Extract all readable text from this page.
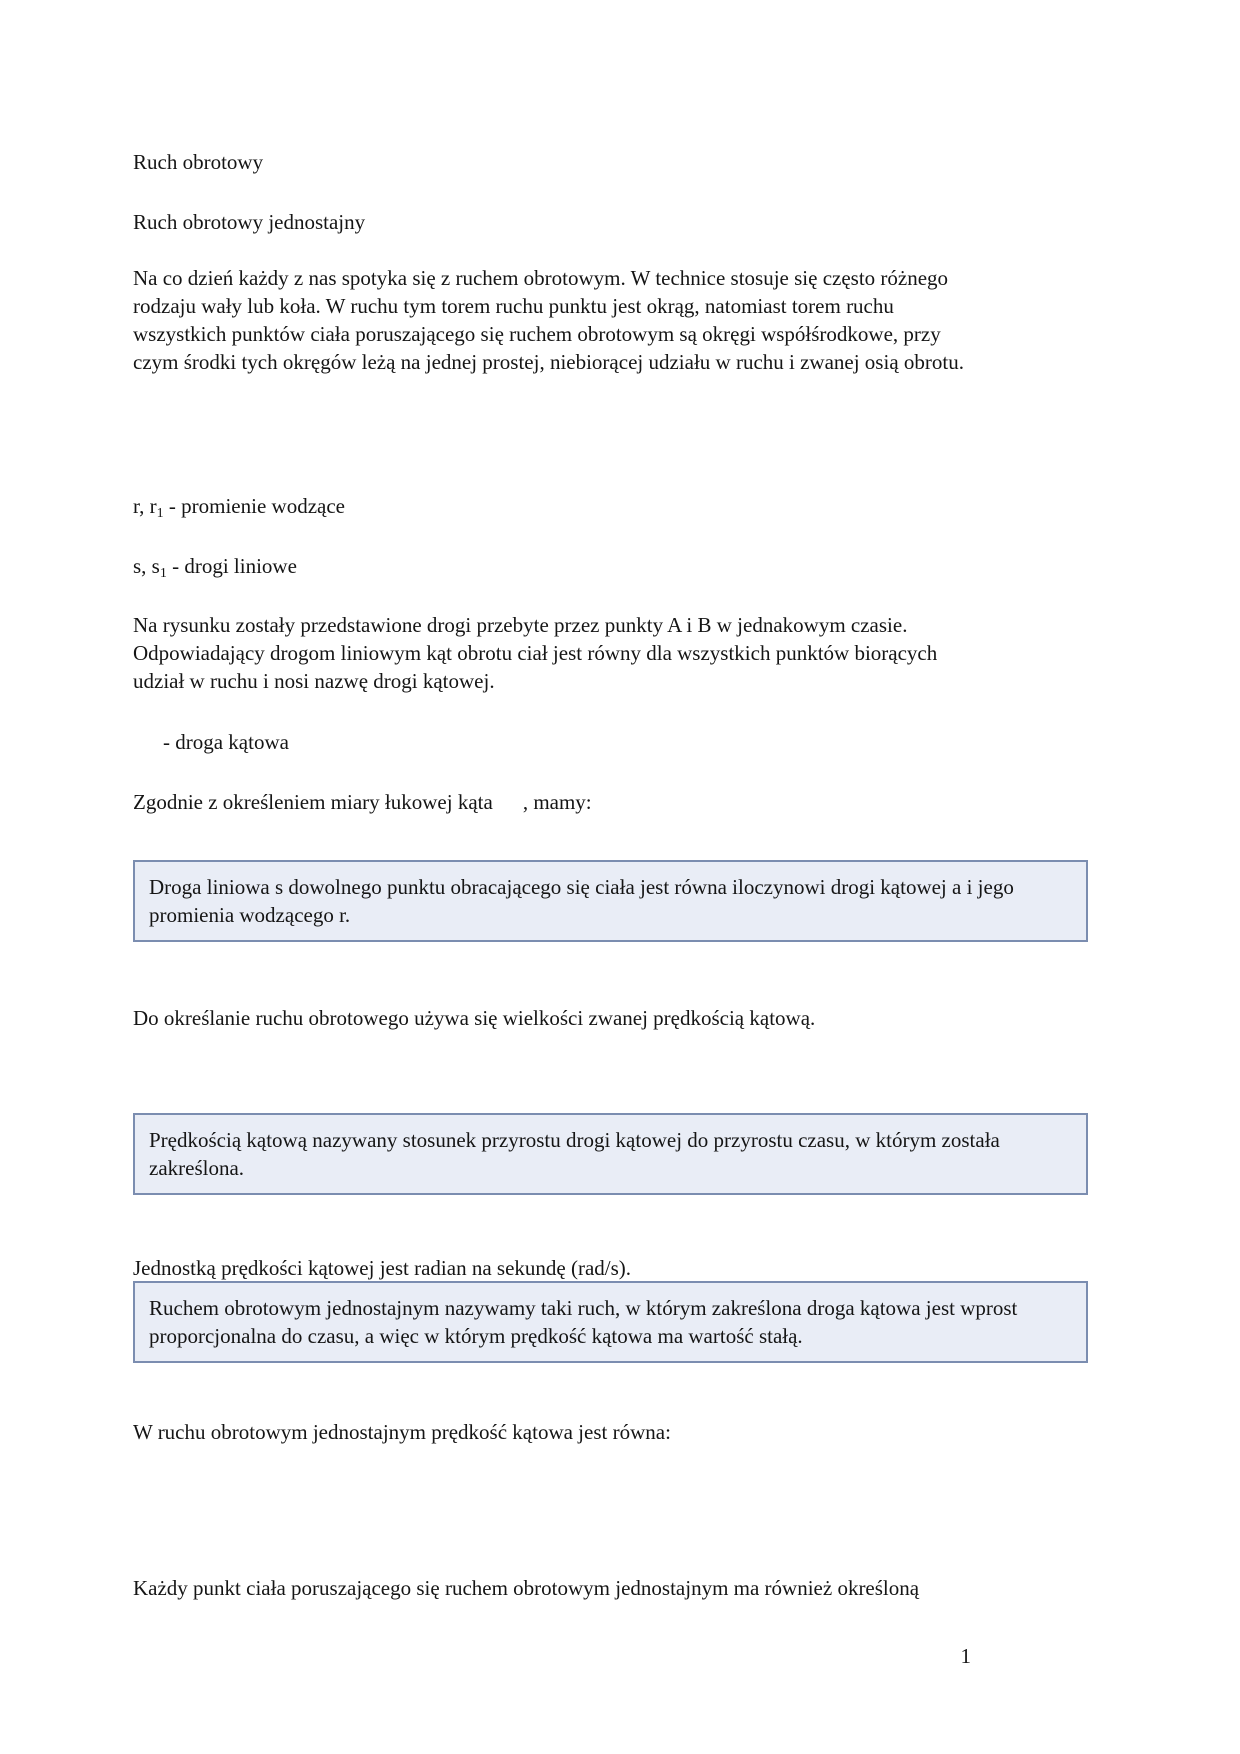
Ruch obrotowy
Ruch obrotowy jednostajny
Na co dzień każdy z nas spotyka się z ruchem obrotowym. W technice stosuje się często różnego rodzaju wały lub koła. W ruchu tym torem ruchu punktu jest okrąg, natomiast torem ruchu wszystkich punktów ciała poruszającego się ruchem obrotowym są okręgi współśrodkowe, przy czym środki tych okręgów leżą na jednej prostej, niebiorącej udziału w ruchu i zwanej osią obrotu.
r, $r_1$ - promienie wodzące
s, $s_1$ - drogi liniowe
Na rysunku zostały przedstawione drogi przebyte przez punkty A i B w jednakowym czasie. Odpowiadający drogom liniowym kąt obrotu ciał jest równy dla wszystkich punktów biorących udział w ruchu i nosi nazwę drogi kątowej.
- droga kątowa
Zgodnie z określeniem miary łukowej kąta , mamy:
Droga liniowa s dowolnego punktu obracającego się ciała jest równa iloczynowi drogi kątowej a i jego promienia wodzącego r.
Do określanie ruchu obrotowego używa się wielkości zwanej prędkością kątową.
Prędkością kątową nazywany stosunek przyrostu drogi kątowej do przyrostu czasu, w którym została zakreślona.
Jednostką prędkości kątowej jest radian na sekundę (rad/s).
Ruchem obrotowym jednostajnym nazywamy taki ruch, w którym zakreślona droga kątowa jest wprost proporcjonalna do czasu, a więc w którym prędkość kątowa ma wartość stałą.
W ruchu obrotowym jednostajnym prędkość kątowa jest równa:
Każdy punkt ciała poruszającego się ruchem obrotowym jednostajnym ma również określoną
1
